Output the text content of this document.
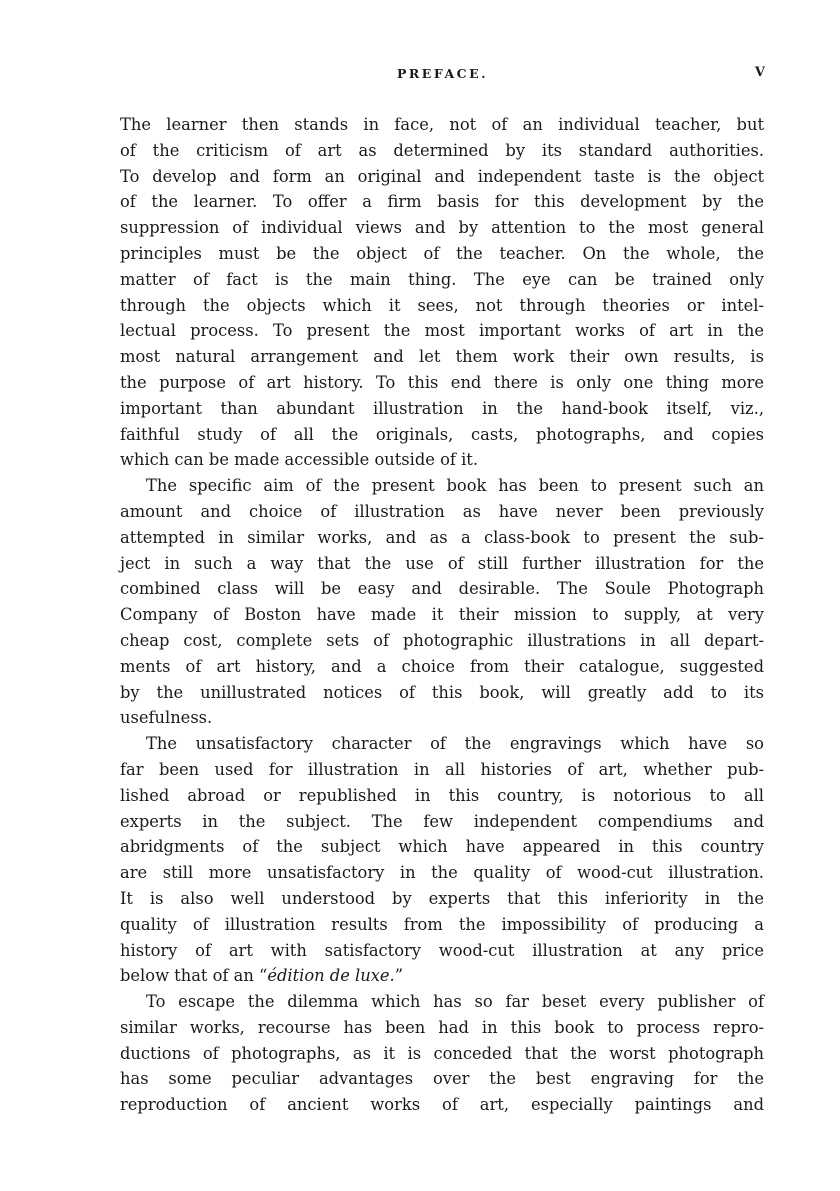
PREFACE.	V
The learner then stands in face, not of an individual teacher, but
of the criticism of art as determined by its standard authorities.
To develop and form an original and independent taste is the object
of the learner. To offer a firm basis for this development by the
suppression of individual views and by attention to the most general
principles must be the object of the teacher. On the whole, the
matter of fact is the main thing. The eye can be trained only
through the objects which it sees, not through theories or intel-
lectual process. To present the most important works of art in the
most natural arrangement and let them work their own results, is
the purpose of art history. To this end there is only one thing more
important than abundant illustration in the hand-book itself, viz.,
faithful study of all the originals, casts, photographs, and copies
which can be made accessible outside of it.
The specific aim of the present book has been to present such an
amount and choice of illustration as have never been previously
attempted in similar works, and as a class-book to present the sub-
ject in such a way that the use of still further illustration for the
combined class will be easy and desirable. The Soule Photograph
Company of Boston have made it their mission to supply, at very
cheap cost, complete sets of photographic illustrations in all depart-
ments of art history, and a choice from their catalogue, suggested
by the unillustrated notices of this book, will greatly add to its
usefulness.
The unsatisfactory character of the engravings which have so
far been used for illustration in all histories of art, whether pub-
lished abroad or republished in this country, is notorious to all
experts in the subject. The few independent compendiums and
abridgments of the subject which have appeared in this country
are still more unsatisfactory in the quality of wood-cut illustration.
It is also well understood by experts that this inferiority in the
quality of illustration results from the impossibility of producing a
history of art with satisfactory wood-cut illustration at any price
below that of an “édition de luxe.”
To escape the dilemma which has so far beset every publisher of
similar works, recourse has been had in this book to process repro-
ductions of photographs, as it is conceded that the worst photograph
has some peculiar advantages over the best engraving for the
reproduction of ancient works of art, especially paintings and
